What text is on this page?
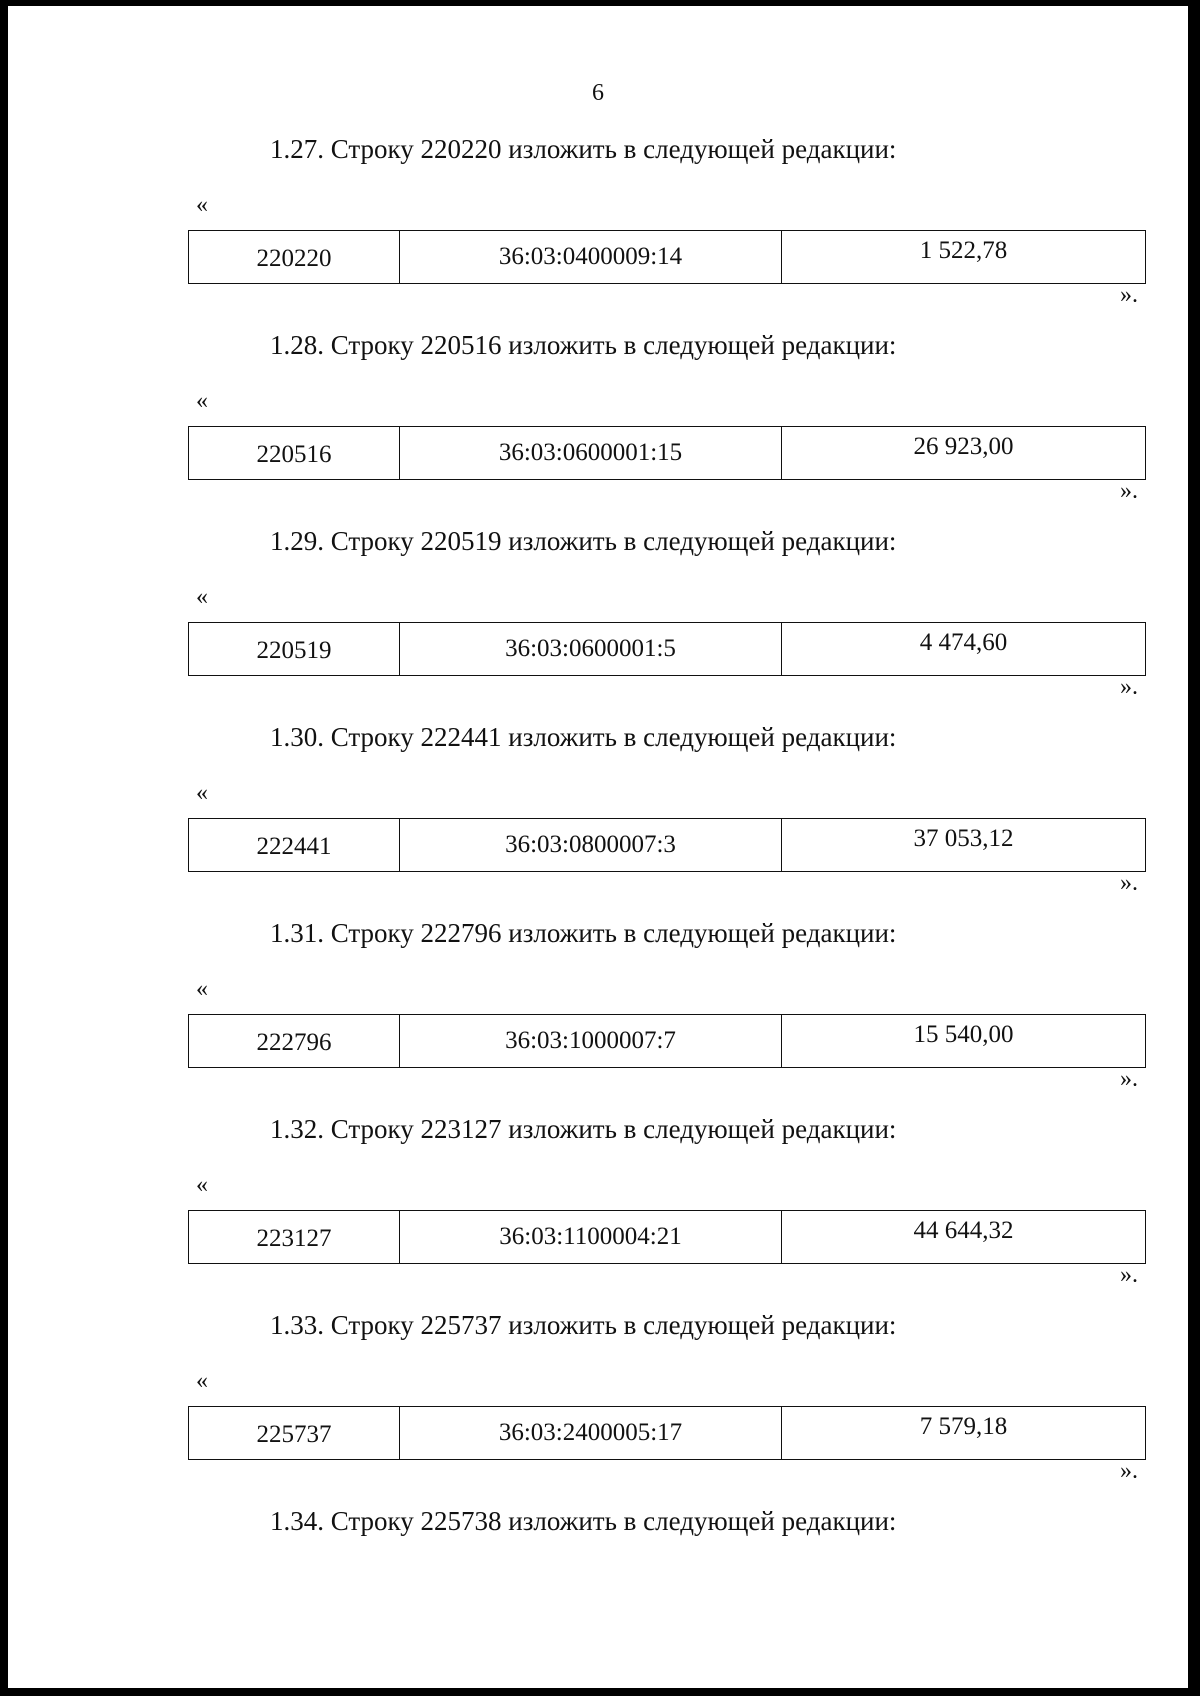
6
1.27. Строку 220220 изложить в следующей редакции:
«
220220	36:03:0400009:14	1 522,78
».
1.28. Строку 220516 изложить в следующей редакции:
«
220516	36:03:0600001:15	26 923,00
».
1.29. Строку 220519 изложить в следующей редакции:
«
220519	36:03:0600001:5	4 474,60
».
1.30. Строку 222441 изложить в следующей редакции:
«
222441	36:03:0800007:3	37 053,12
».
1.31. Строку 222796 изложить в следующей редакции:
«
222796	36:03:1000007:7	15 540,00
».
1.32. Строку 223127 изложить в следующей редакции:
«
223127	36:03:1100004:21	44 644,32
».
1.33. Строку 225737 изложить в следующей редакции:
«
225737	36:03:2400005:17	7 579,18
».
1.34. Строку 225738 изложить в следующей редакции:
